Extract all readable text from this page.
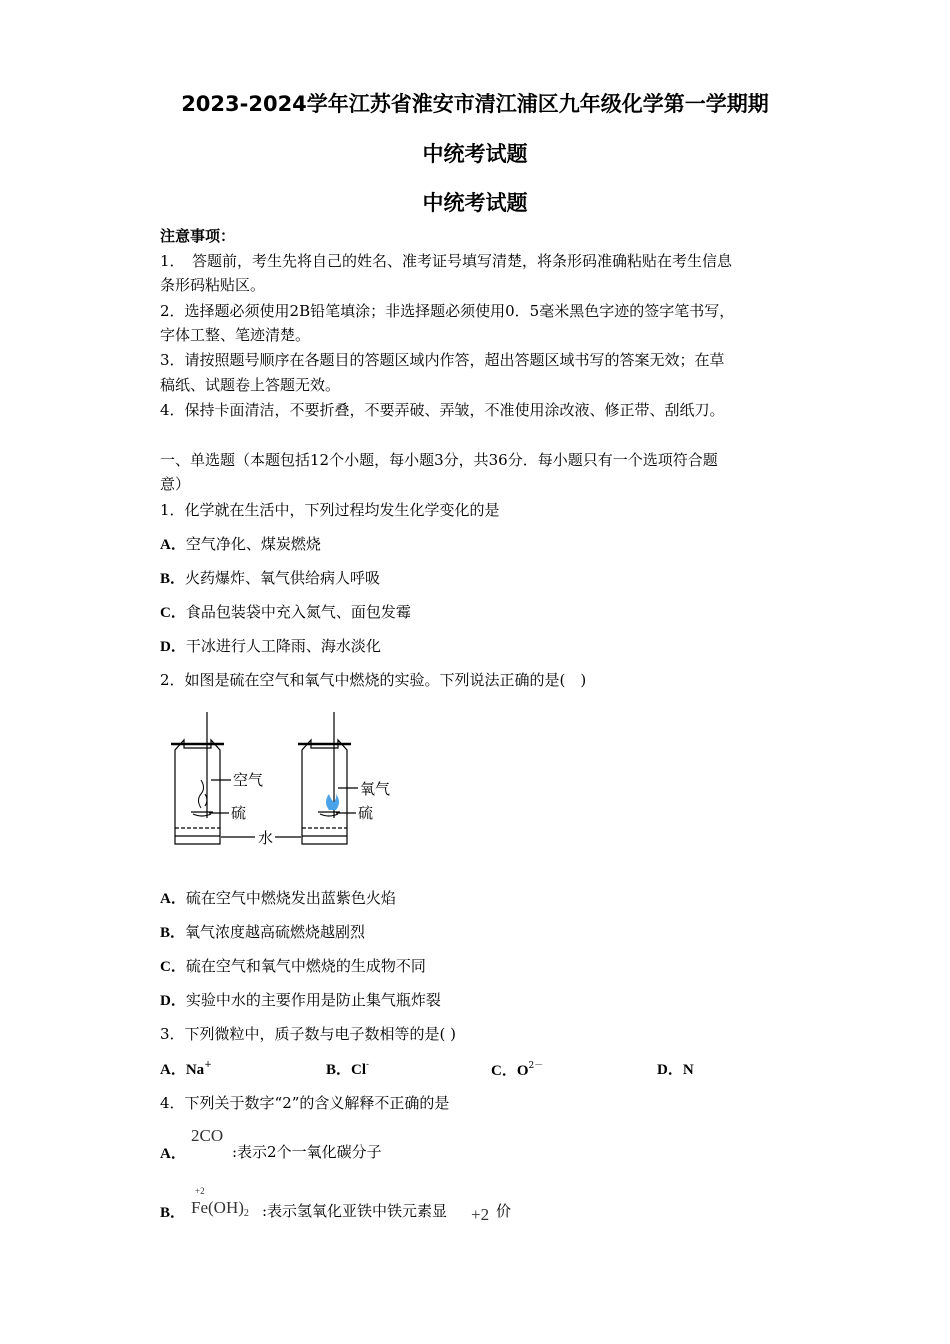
2023-2024学年江苏省淮安市清江浦区九年级化学第一学期期
中统考试题
中统考试题
注意事项：
1．　答题前，考生先将自己的姓名、准考证号填写清楚，将条形码准确粘贴在考生信息
条形码粘贴区。
2．选择题必须使用2B铅笔填涂；非选择题必须使用0．5毫米黑色字迹的签字笔书写，
字体工整、笔迹清楚。
3．请按照题号顺序在各题目的答题区域内作答，超出答题区域书写的答案无效；在草
稿纸、试题卷上答题无效。
4．保持卡面清洁，不要折叠，不要弄破、弄皱，不准使用涂改液、修正带、刮纸刀。
一、单选题（本题包括12个小题，每小题3分，共36分．每小题只有一个选项符合题
意）
1．化学就在生活中，下列过程均发生化学变化的是
A．空气净化、煤炭燃烧
B．火药爆炸、氧气供给病人呼吸
C．食品包装袋中充入氮气、面包发霉
D．干冰进行人工降雨、海水淡化
2．如图是硫在空气和氧气中燃烧的实验。下列说法正确的是(　)
空气
硫
氧气
硫
水
A．硫在空气中燃烧发出蓝紫色火焰
B．氧气浓度越高硫燃烧越剧烈
C．硫在空气和氧气中燃烧的生成物不同
D．实验中水的主要作用是防止集气瓶炸裂
3．下列微粒中，质子数与电子数相等的是( )
A．Na+	B．Cl-	C．$O^{2-}$	D．N
4．下列关于数字“2”的含义解释不正确的是
A．
2CO
:表示2个一氧化碳分子
B．
+2
Fe(OH)2 :表示氢氧化亚铁中铁元素显 +2 价
